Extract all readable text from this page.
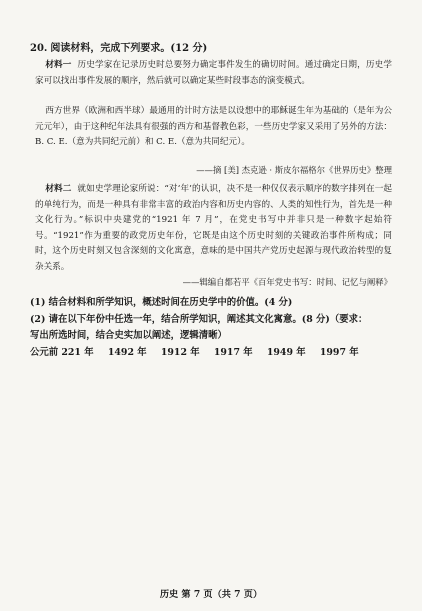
20. 阅读材料，完成下列要求。(12 分)
材料一 历史学家在记录历史时总要努力确定事件发生的确切时间。通过确定日期，历史学家可以找出事件发展的顺序，然后就可以确定某些时段事态的演变模式。
西方世界（欧洲和西半球）最通用的计时方法是以设想中的耶稣诞生年为基础的（是年为公元元年），由于这种纪年法具有很强的西方和基督教色彩，一些历史学家又采用了另外的方法：B. C. E.（意为共同纪元前）和 C. E.（意为共同纪元）。
——摘 [美] 杰克逊 · 斯皮尔福格尔《世界历史》整理
材料二 就如史学理论家所说：“对‘年’的认识，决不是一种仅仅表示顺序的数字排列在一起的单纯行为，而是一种具有非常丰富的政治内容和历史内容的、人类的知性行为，首先是一种文化行为。”标识中央建党的“1921 年 7 月”，在党史书写中并非只是一种数字起始符号。“1921”作为重要的政党历史年份，它既是由这个历史时刻的关键政治事件所构成；同时，这个历史时刻又包含深刻的文化寓意，意味的是中国共产党历史起源与现代政治转型的复杂关系。
——辑编自都若平《百年党史书写：时间、记忆与阐释》
(1) 结合材料和所学知识，概述时间在历史学中的价值。(4 分)
(2) 请在以下年份中任选一年，结合所学知识，阐述其文化寓意。(8 分)（要求：
写出所选时间，结合史实加以阐述，逻辑清晰）
公元前 221 年 1492 年 1912 年 1917 年 1949 年 1997 年
历史 第 7 页（共 7 页）
